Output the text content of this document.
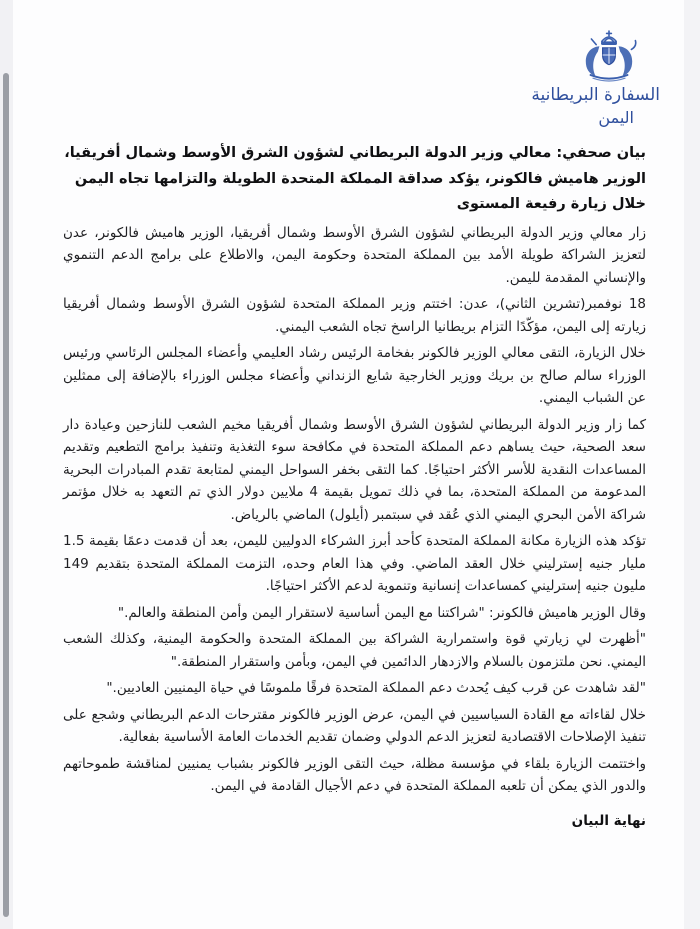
السفارة البريطانية
اليمن
بيان صحفي: معالي وزير الدولة البريطاني لشؤون الشرق الأوسط وشمال أفريقيا، الوزير هاميش فالكونر، يؤكد صداقة المملكة المتحدة الطويلة والتزامها تجاه اليمن خلال زيارة رفيعة المستوى

زار معالي وزير الدولة البريطاني لشؤون الشرق الأوسط وشمال أفريقيا، الوزير هاميش فالكونر، عدن لتعزيز الشراكة طويلة الأمد بين المملكة المتحدة وحكومة اليمن، والاطلاع على برامج الدعم التنموي والإنساني المقدمة لليمن.

18 نوفمبر(تشرين الثاني)، عدن: اختتم وزير المملكة المتحدة لشؤون الشرق الأوسط وشمال أفريقيا زيارته إلى اليمن، مؤكّدًا التزام بريطانيا الراسخ تجاه الشعب اليمني.

خلال الزيارة، التقى معالي الوزير فالكونر بفخامة الرئيس رشاد العليمي وأعضاء المجلس الرئاسي ورئيس الوزراء سالم صالح بن بريك ووزير الخارجية شايع الزنداني وأعضاء مجلس الوزراء بالإضافة إلى ممثلين عن الشباب اليمني.

كما زار وزير الدولة البريطاني لشؤون الشرق الأوسط وشمال أفريقيا مخيم الشعب للنازحين وعيادة دار سعد الصحية، حيث يساهم دعم المملكة المتحدة في مكافحة سوء التغذية وتنفيذ برامج التطعيم وتقديم المساعدات النقدية للأسر الأكثر احتياجًا. كما التقى بخفر السواحل اليمني لمتابعة تقدم المبادرات البحرية المدعومة من المملكة المتحدة، بما في ذلك تمويل بقيمة 4 ملايين دولار الذي تم التعهد به خلال مؤتمر شراكة الأمن البحري اليمني الذي عُقد في سبتمبر (أيلول) الماضي بالرياض.

تؤكد هذه الزيارة مكانة المملكة المتحدة كأحد أبرز الشركاء الدوليين لليمن، بعد أن قدمت دعمًا بقيمة 1.5 مليار جنيه إسترليني خلال العقد الماضي. وفي هذا العام وحده، التزمت المملكة المتحدة بتقديم 149 مليون جنيه إسترليني كمساعدات إنسانية وتنموية لدعم الأكثر احتياجًا.

وقال الوزير هاميش فالكونر: "شراكتنا مع اليمن أساسية لاستقرار اليمن وأمن المنطقة والعالم."

"أظهرت لي زيارتي قوة واستمرارية الشراكة بين المملكة المتحدة والحكومة اليمنية، وكذلك الشعب اليمني. نحن ملتزمون بالسلام والازدهار الدائمين في اليمن، وبأمن واستقرار المنطقة."

"لقد شاهدت عن قرب كيف يُحدث دعم المملكة المتحدة فرقًا ملموسًا في حياة اليمنيين العاديين."

خلال لقاءاته مع القادة السياسيين في اليمن، عرض الوزير فالكونر مقترحات الدعم البريطاني وشجع على تنفيذ الإصلاحات الاقتصادية لتعزيز الدعم الدولي وضمان تقديم الخدمات العامة الأساسية بفعالية.

واختتمت الزيارة بلقاء في مؤسسة مظلة، حيث التقى الوزير فالكونر بشباب يمنيين لمناقشة طموحاتهم والدور الذي يمكن أن تلعبه المملكة المتحدة في دعم الأجيال القادمة في اليمن.

نهاية البيان
